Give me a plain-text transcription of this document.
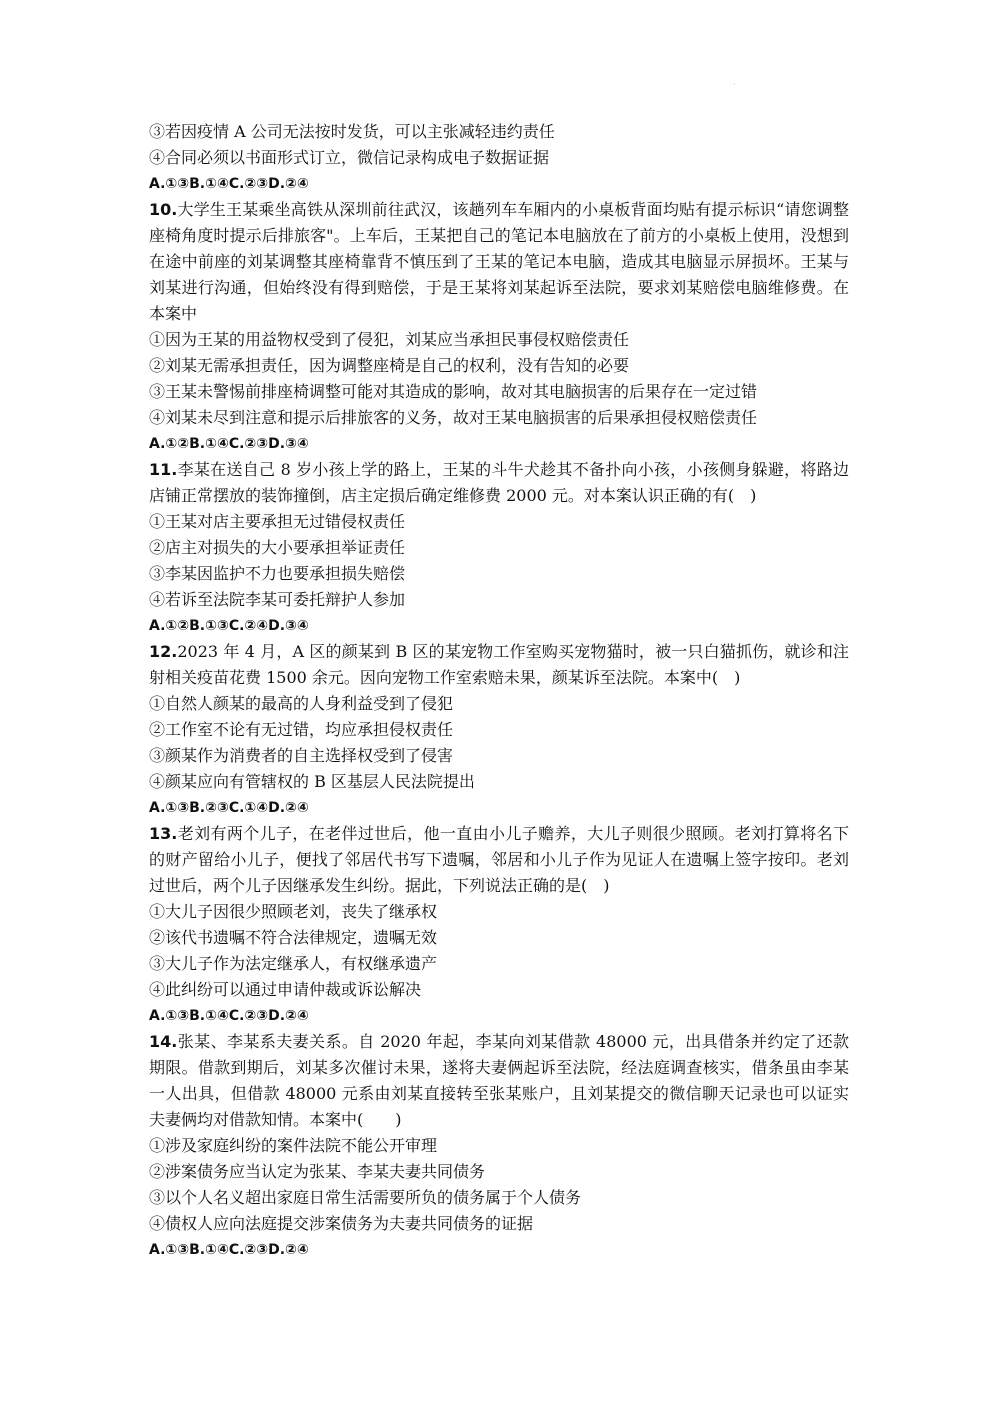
·
③若因疫情 A 公司无法按时发货，可以主张减轻违约责任
④合同必须以书面形式订立，微信记录构成电子数据证据
A.①③B.①④C.②③D.②④
10.大学生王某乘坐高铁从深圳前往武汉，该趟列车车厢内的小桌板背面均贴有提示标识“请您调整座椅角度时提示后排旅客"。上车后，王某把自己的笔记本电脑放在了前方的小桌板上使用，没想到在途中前座的刘某调整其座椅靠背不慎压到了王某的笔记本电脑，造成其电脑显示屏损坏。王某与刘某进行沟通，但始终没有得到赔偿，于是王某将刘某起诉至法院，要求刘某赔偿电脑维修费。在本案中
①因为王某的用益物权受到了侵犯，刘某应当承担民事侵权赔偿责任
②刘某无需承担责任，因为调整座椅是自己的权利，没有告知的必要
③王某未警惕前排座椅调整可能对其造成的影响，故对其电脑损害的后果存在一定过错
④刘某未尽到注意和提示后排旅客的义务，故对王某电脑损害的后果承担侵权赔偿责任
A.①②B.①④C.②③D.③④
11.李某在送自己 8 岁小孩上学的路上，王某的斗牛犬趁其不备扑向小孩，小孩侧身躲避，将路边店铺正常摆放的装饰撞倒，店主定损后确定维修费 2000 元。对本案认识正确的有(　)
①王某对店主要承担无过错侵权责任
②店主对损失的大小要承担举证责任
③李某因监护不力也要承担损失赔偿
④若诉至法院李某可委托辩护人参加
A.①②B.①③C.②④D.③④
12.2023 年 4 月，A 区的颜某到 B 区的某宠物工作室购买宠物猫时，被一只白猫抓伤，就诊和注射相关疫苗花费 1500 余元。因向宠物工作室索赔未果，颜某诉至法院。本案中(　)
①自然人颜某的最高的人身利益受到了侵犯
②工作室不论有无过错，均应承担侵权责任
③颜某作为消费者的自主选择权受到了侵害
④颜某应向有管辖权的 B 区基层人民法院提出
A.①③B.②③C.①④D.②④
13.老刘有两个儿子，在老伴过世后，他一直由小儿子赡养，大儿子则很少照顾。老刘打算将名下的财产留给小儿子，便找了邻居代书写下遗嘱，邻居和小儿子作为见证人在遗嘱上签字按印。老刘过世后，两个儿子因继承发生纠纷。据此，下列说法正确的是(　)
①大儿子因很少照顾老刘，丧失了继承权
②该代书遗嘱不符合法律规定，遗嘱无效
③大儿子作为法定继承人，有权继承遗产
④此纠纷可以通过申请仲裁或诉讼解决
A.①③B.①④C.②③D.②④
14.张某、李某系夫妻关系。自 2020 年起，李某向刘某借款 48000 元，出具借条并约定了还款期限。借款到期后，刘某多次催讨未果，遂将夫妻俩起诉至法院，经法庭调查核实，借条虽由李某一人出具，但借款 48000 元系由刘某直接转至张某账户，且刘某提交的微信聊天记录也可以证实夫妻俩均对借款知情。本案中(　　)
①涉及家庭纠纷的案件法院不能公开审理
②涉案债务应当认定为张某、李某夫妻共同债务
③以个人名义超出家庭日常生活需要所负的债务属于个人债务
④债权人应向法庭提交涉案债务为夫妻共同债务的证据
A.①③B.①④C.②③D.②④
